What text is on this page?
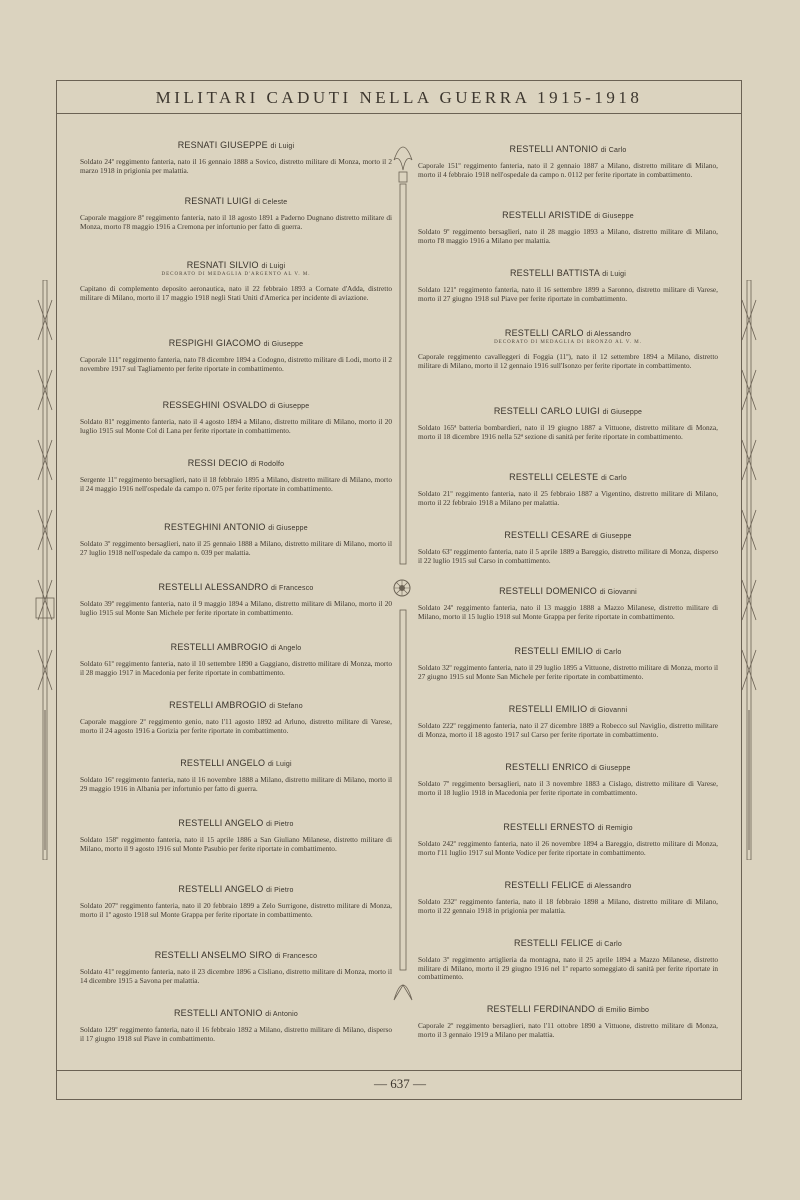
MILITARI CADUTI NELLA GUERRA 1915-1918
— 637 —
RESNATI GIUSEPPE di Luigi
Soldato 24º reggimento fanteria, nato il 16 gennaio 1888 a Sovico, distretto militare di Monza, morto il 2 marzo 1918 in prigionia per malattia.
RESNATI LUIGI di Celeste
Caporale maggiore 8º reggimento fanteria, nato il 18 agosto 1891 a Paderno Dugnano distretto militare di Monza, morto l'8 maggio 1916 a Cremona per infortunio per fatto di guerra.
RESNATI SILVIO di Luigi
DECORATO DI MEDAGLIA D'ARGENTO AL V. M.
Capitano di complemento deposito aeronautica, nato il 22 febbraio 1893 a Cornate d'Adda, distretto militare di Milano, morto il 17 maggio 1918 negli Stati Uniti d'America per incidente di aviazione.
RESPIGHI GIACOMO di Giuseppe
Caporale 111º reggimento fanteria, nato l'8 dicembre 1894 a Codogno, distretto militare di Lodi, morto il 2 novembre 1917 sul Tagliamento per ferite riportate in combattimento.
RESSEGHINI OSVALDO di Giuseppe
Soldato 81º reggimento fanteria, nato il 4 agosto 1894 a Milano, distretto militare di Milano, morto il 20 luglio 1915 sul Monte Col di Lana per ferite riportate in combattimento.
RESSI DECIO di Rodolfo
Sergente 11º reggimento bersaglieri, nato il 18 febbraio 1895 a Milano, distretto militare di Milano, morto il 24 maggio 1916 nell'ospedale da campo n. 075 per ferite riportate in combattimento.
RESTEGHINI ANTONIO di Giuseppe
Soldato 3º reggimento bersaglieri, nato il 25 gennaio 1888 a Milano, distretto militare di Milano, morto il 27 luglio 1918 nell'ospedale da campo n. 039 per malattia.
RESTELLI ALESSANDRO di Francesco
Soldato 39º reggimento fanteria, nato il 9 maggio 1894 a Milano, distretto militare di Milano, morto il 20 luglio 1915 sul Monte San Michele per ferite riportate in combattimento.
RESTELLI AMBROGIO di Angelo
Soldato 61º reggimento fanteria, nato il 10 settembre 1890 a Gaggiano, distretto militare di Monza, morto il 28 maggio 1917 in Macedonia per ferite riportate in combattimento.
RESTELLI AMBROGIO di Stefano
Caporale maggiore 2º reggimento genio, nato l'11 agosto 1892 ad Arluno, distretto militare di Varese, morto il 24 agosto 1916 a Gorizia per ferite riportate in combattimento.
RESTELLI ANGELO di Luigi
Soldato 16º reggimento fanteria, nato il 16 novembre 1888 a Milano, distretto militare di Milano, morto il 29 maggio 1916 in Albania per infortunio per fatto di guerra.
RESTELLI ANGELO di Pietro
Soldato 158º reggimento fanteria, nato il 15 aprile 1886 a San Giuliano Milanese, distretto militare di Milano, morto il 9 agosto 1916 sul Monte Pasubio per ferite riportate in combattimento.
RESTELLI ANGELO di Pietro
Soldato 207º reggimento fanteria, nato il 20 febbraio 1899 a Zelo Surrigone, distretto militare di Monza, morto il 1º agosto 1918 sul Monte Grappa per ferite riportate in combattimento.
RESTELLI ANSELMO SIRO di Francesco
Soldato 41º reggimento fanteria, nato il 23 dicembre 1896 a Cisliano, distretto militare di Monza, morto il 14 dicembre 1915 a Savona per malattia.
RESTELLI ANTONIO di Antonio
Soldato 129º reggimento fanteria, nato il 16 febbraio 1892 a Milano, distretto militare di Milano, disperso il 17 giugno 1918 sul Piave in combattimento.
RESTELLI ANTONIO di Carlo
Caporale 151º reggimento fanteria, nato il 2 gennaio 1887 a Milano, distretto militare di Milano, morto il 4 febbraio 1918 nell'ospedale da campo n. 0112 per ferite riportate in combattimento.
RESTELLI ARISTIDE di Giuseppe
Soldato 9º reggimento bersaglieri, nato il 28 maggio 1893 a Milano, distretto militare di Milano, morto l'8 maggio 1916 a Milano per malattia.
RESTELLI BATTISTA di Luigi
Soldato 121º reggimento fanteria, nato il 16 settembre 1899 a Saronno, distretto militare di Varese, morto il 27 giugno 1918 sul Piave per ferite riportate in combattimento.
RESTELLI CARLO di Alessandro
DECORATO DI MEDAGLIA DI BRONZO AL V. M.
Caporale reggimento cavalleggeri di Foggia (11º), nato il 12 settembre 1894 a Milano, distretto militare di Milano, morto il 12 gennaio 1916 sull'Isonzo per ferite riportate in combattimento.
RESTELLI CARLO LUIGI di Giuseppe
Soldato 165ª batteria bombardieri, nato il 19 giugno 1887 a Vittuone, distretto militare di Monza, morto il 18 dicembre 1916 nella 52ª sezione di sanità per ferite riportate in combattimento.
RESTELLI CELESTE di Carlo
Soldato 21º reggimento fanteria, nato il 25 febbraio 1887 a Vigentino, distretto militare di Milano, morto il 22 febbraio 1918 a Milano per malattia.
RESTELLI CESARE di Giuseppe
Soldato 63º reggimento fanteria, nato il 5 aprile 1889 a Bareggio, distretto militare di Monza, disperso il 22 luglio 1915 sul Carso in combattimento.
RESTELLI DOMENICO di Giovanni
Soldato 24º reggimento fanteria, nato il 13 maggio 1888 a Mazzo Milanese, distretto militare di Milano, morto il 15 luglio 1918 sul Monte Grappa per ferite riportate in combattimento.
RESTELLI EMILIO di Carlo
Soldato 32º reggimento fanteria, nato il 29 luglio 1895 a Vittuone, distretto militare di Monza, morto il 27 giugno 1915 sul Monte San Michele per ferite riportate in combattimento.
RESTELLI EMILIO di Giovanni
Soldato 222º reggimento fanteria, nato il 27 dicembre 1889 a Robecco sul Naviglio, distretto militare di Monza, morto il 18 agosto 1917 sul Carso per ferite riportate in combattimento.
RESTELLI ENRICO di Giuseppe
Soldato 7º reggimento bersaglieri, nato il 3 novembre 1883 a Cislago, distretto militare di Varese, morto il 18 luglio 1918 in Macedonia per ferite riportate in combattimento.
RESTELLI ERNESTO di Remigio
Soldato 242º reggimento fanteria, nato il 26 novembre 1894 a Bareggio, distretto militare di Monza, morto l'11 luglio 1917 sul Monte Vodice per ferite riportate in combattimento.
RESTELLI FELICE di Alessandro
Soldato 232º reggimento fanteria, nato il 18 febbraio 1898 a Milano, distretto militare di Milano, morto il 22 gennaio 1918 in prigionia per malattia.
RESTELLI FELICE di Carlo
Soldato 3º reggimento artiglieria da montagna, nato il 25 aprile 1894 a Mazzo Milanese, distretto militare di Milano, morto il 29 giugno 1916 nel 1º reparto someggiato di sanità per ferite riportate in combattimento.
RESTELLI FERDINANDO di Emilio Bimbo
Caporale 2º reggimento bersaglieri, nato l'11 ottobre 1890 a Vittuone, distretto militare di Monza, morto il 3 gennaio 1919 a Milano per malattia.
